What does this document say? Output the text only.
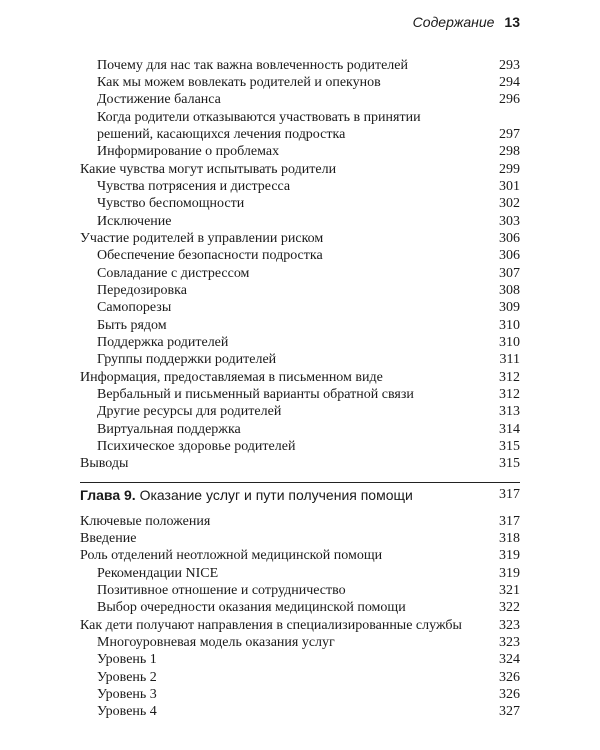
Содержание 13
Почему для нас так важна вовлеченность родителей	293
Как мы можем вовлекать родителей и опекунов	294
Достижение баланса	296
Когда родители отказываются участвовать в принятии
решений, касающихся лечения подростка	297
Информирование о проблемах	298
Какие чувства могут испытывать родители	299
Чувства потрясения и дистресса	301
Чувство беспомощности	302
Исключение	303
Участие родителей в управлении риском	306
Обеспечение безопасности подростка	306
Совладание с дистрессом	307
Передозировка	308
Самопорезы	309
Быть рядом	310
Поддержка родителей	310
Группы поддержки родителей	311
Информация, предоставляемая в письменном виде	312
Вербальный и письменный варианты обратной связи	312
Другие ресурсы для родителей	313
Виртуальная поддержка	314
Психическое здоровье родителей	315
Выводы	315
Глава 9. Оказание услуг и пути получения помощи	317
Ключевые положения	317
Введение	318
Роль отделений неотложной медицинской помощи	319
Рекомендации NICE	319
Позитивное отношение и сотрудничество	321
Выбор очередности оказания медицинской помощи	322
Как дети получают направления в специализированные службы	323
Многоуровневая модель оказания услуг	323
Уровень 1	324
Уровень 2	326
Уровень 3	326
Уровень 4	327
